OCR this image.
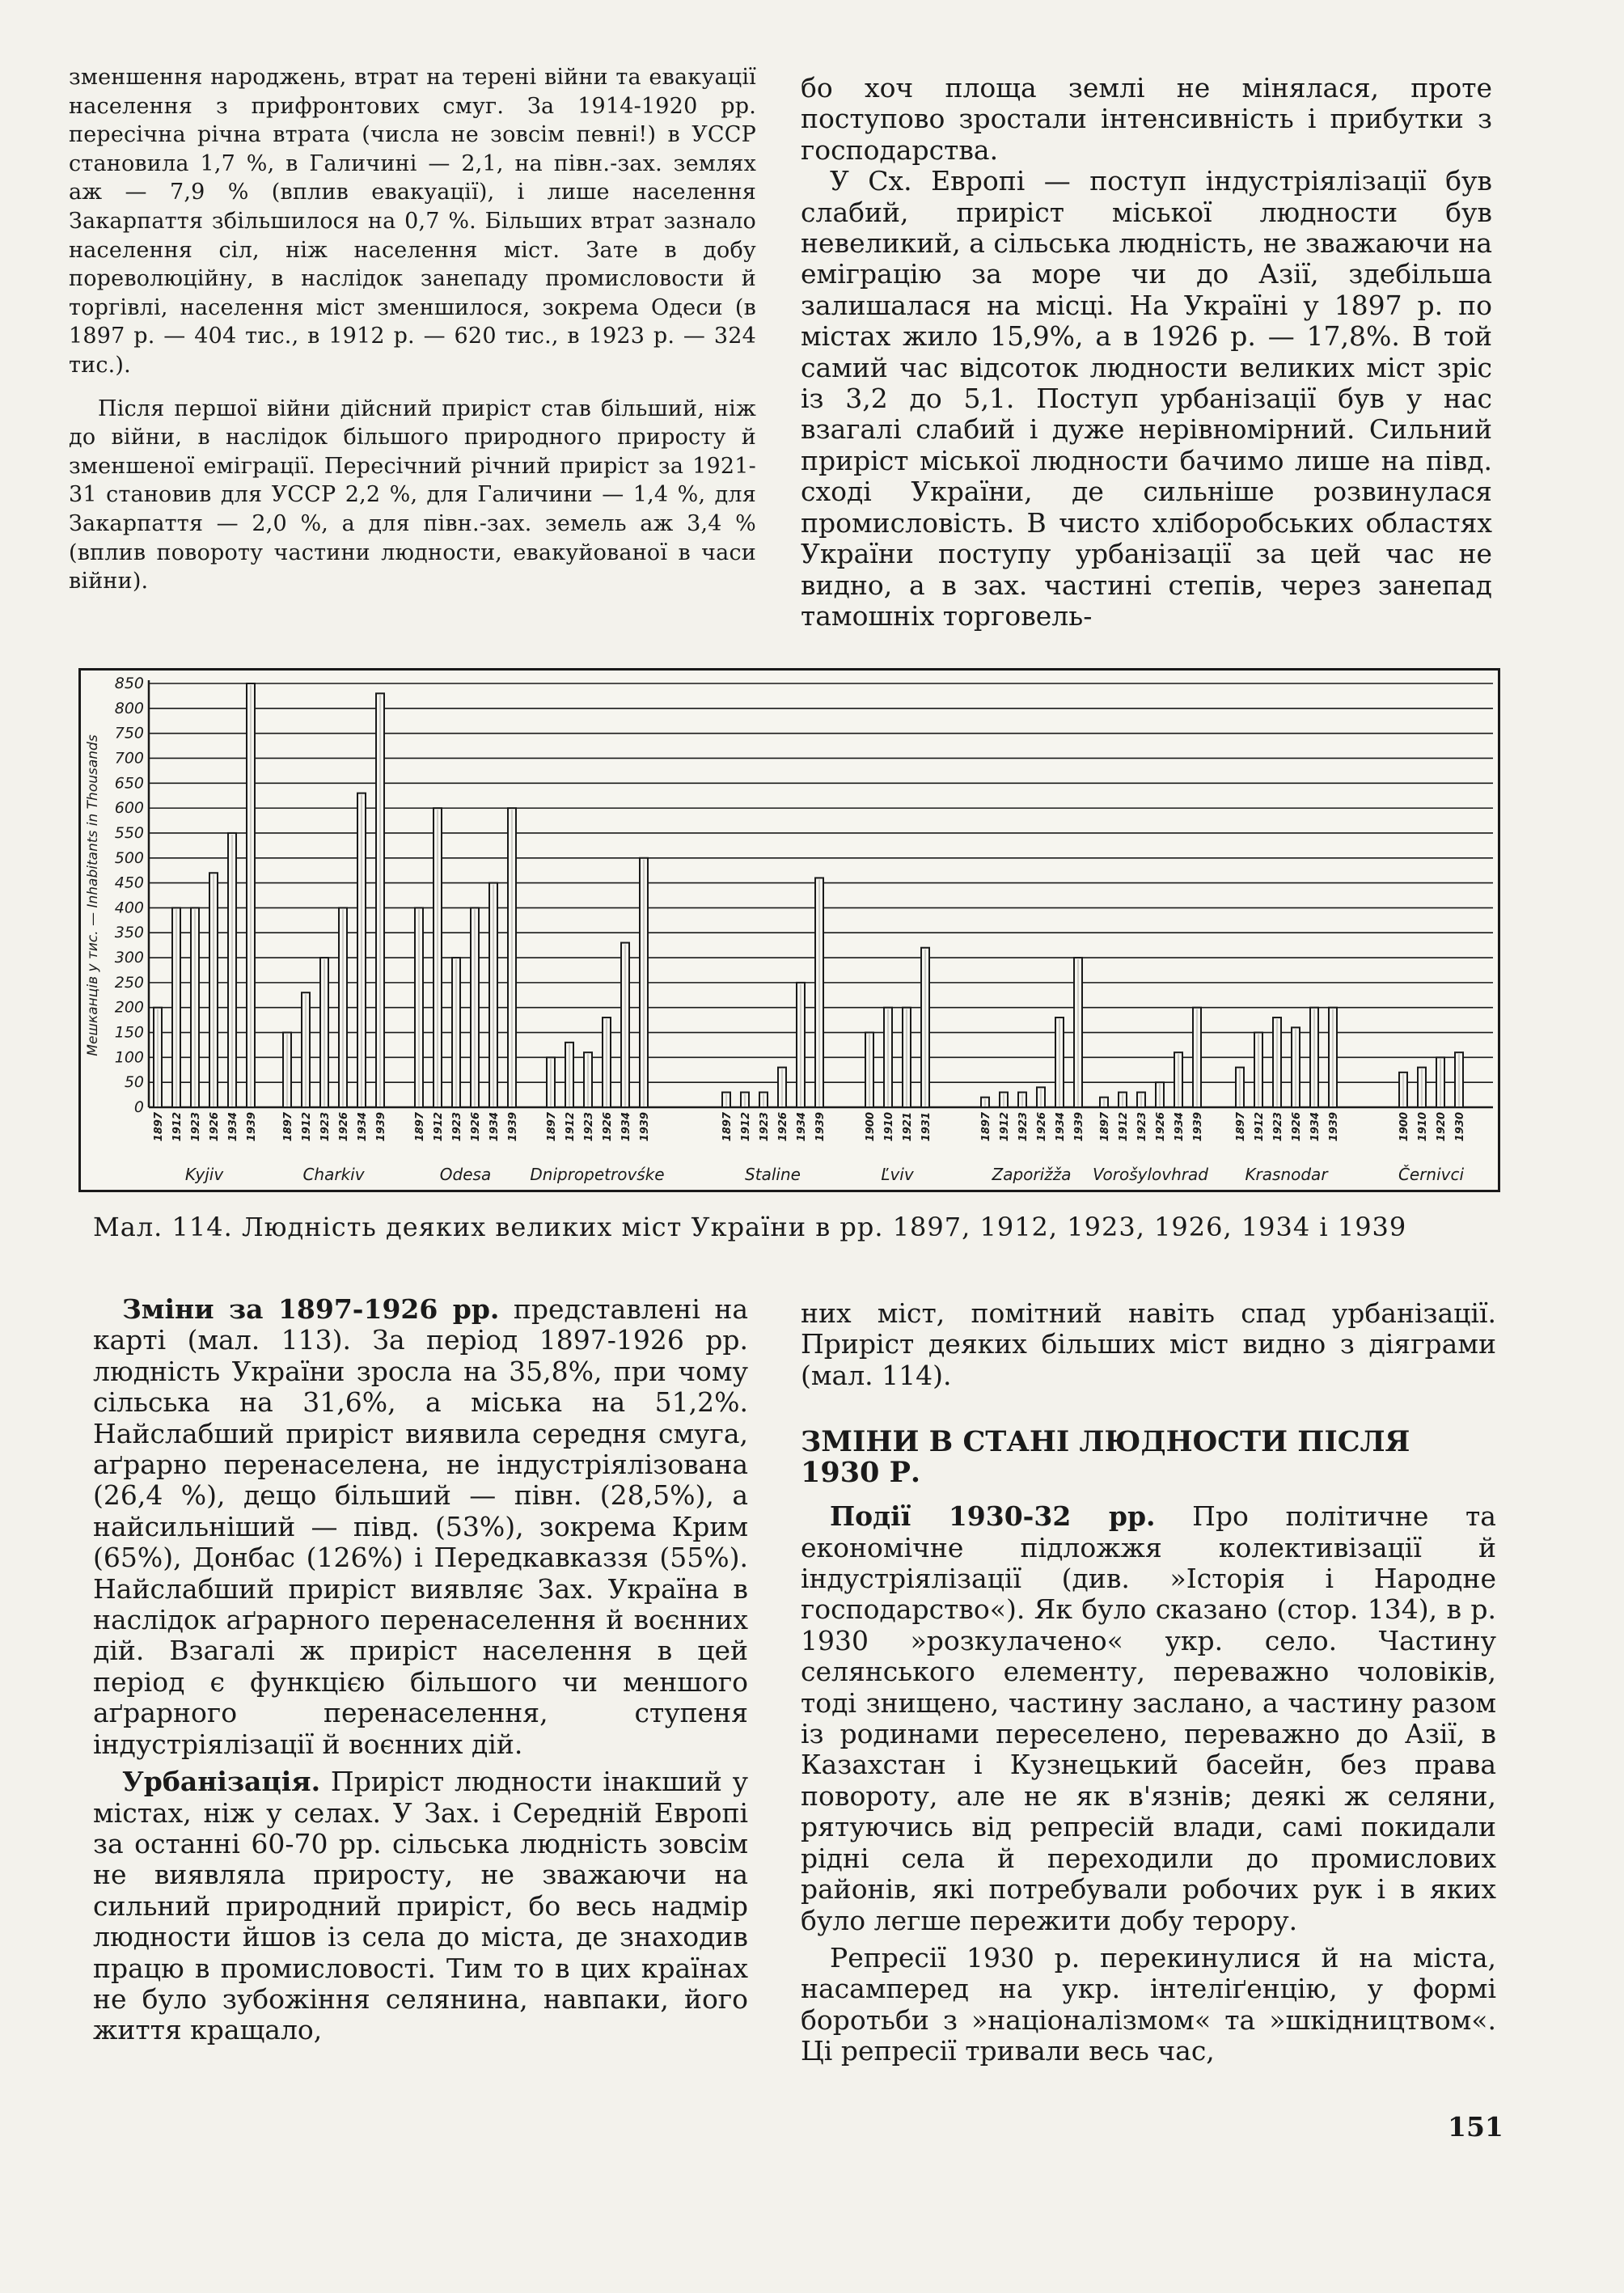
зменшення народжень, втрат на терені війни та евакуації населення з прифронтових смуг. За 1914-1920 рр. пересічна річна втрата (числа не зовсім певні!) в УССР становила 1,7 %, в Галичині — 2,1, на півн.-зах. землях аж — 7,9 % (вплив евакуації), і лише населення Закарпаття збільшилося на 0,7 %. Більших втрат зазнало населення сіл, ніж населення міст. Зате в добу пореволюційну, в наслідок занепаду промисловости й торгівлі, населення міст зменшилося, зокрема Одеси (в 1897 р. — 404 тис., в 1912 р. — 620 тис., в 1923 р. — 324 тис.).

Після першої війни дійсний приріст став більший, ніж до війни, в наслідок більшого природного приросту й зменшеної еміграції. Пересічний річний приріст за 1921-31 становив для УССР 2,2 %, для Галичини — 1,4 %, для Закарпаття — 2,0 %, а для півн.-зах. земель аж 3,4 % (вплив повороту частини людности, евакуйованої в часи війни).

бо хоч площа землі не мінялася, проте поступово зростали інтенсивність і прибутки з господарства.

У Сх. Европі — поступ індустріялізації був слабий, приріст міської людности був невеликий, а сільська людність, не зважаючи на еміграцію за море чи до Азії, здебільша залишалася на місці. На Україні у 1897 р. по містах жило 15,9%, а в 1926 р. — 17,8%. В той самий час відсоток людности великих міст зріс із 3,2 до 5,1. Поступ урбанізації був у нас взагалі слабий і дуже нерівномірний. Сильний приріст міської людности бачимо лише на півд. сході України, де сильніше розвинулася промисловість. В чисто хліборобських областях України поступу урбанізації за цей час не видно, а в зах. частині степів, через занепад тамошніх торговель-

Мешканців у тис. — Inhabitants in Thousands
0
50
100
150
200
250
300
350
400
450
500
550
600
650
700
750
800
850
1897 1912 1923 1926 1934 1939
Kyjiv
1897 1912 1923 1926 1934 1939
Charkiv
1897 1912 1923 1926 1934 1939
Odesa
1897 1912 1923 1926 1934 1939
Dnipropetrovśke
1897 1912 1923 1926 1934 1939
Staline
1900 1910 1921 1931
Ľviv
1897 1912 1923 1926 1934 1939
Zaporižža
1897 1912 1923 1926 1934 1939
Vorošylovhrad
1897 1912 1923 1926 1934 1939
Krasnodar
1900 1910 1920 1930
Černivci
Мал. 114. Людність деяких великих міст України в рр. 1897, 1912, 1923, 1926, 1934 і 1939

Зміни за 1897-1926 рр. представлені на карті (мал. 113). За період 1897-1926 рр. людність України зросла на 35,8%, при чому сільська на 31,6%, а міська на 51,2%. Найслабший приріст виявила середня смуга, аґрарно перенаселена, не індустріялізована (26,4 %), дещо більший — півн. (28,5%), а найсильніший — півд. (53%), зокрема Крим (65%), Донбас (126%) і Передкавказзя (55%). Найслабший приріст виявляє Зах. Україна в наслідок аґрарного перенаселення й воєнних дій. Взагалі ж приріст населення в цей період є функцією більшого чи меншого аґрарного перенаселення, ступеня індустріялізації й воєнних дій.

Урбанізація. Приріст людности інакший у містах, ніж у селах. У Зах. і Середній Европі за останні 60-70 рр. сільська людність зовсім не виявляла приросту, не зважаючи на сильний природний приріст, бо весь надмір людности йшов із села до міста, де знаходив працю в промисловості. Тим то в цих країнах не було зубожіння селянина, навпаки, його життя кращало,

них міст, помітний навіть спад урбанізації. Приріст деяких більших міст видно з діяграми (мал. 114).

ЗМІНИ В СТАНІ ЛЮДНОСТИ ПІСЛЯ 1930 Р.

Події 1930-32 рр. Про політичне та економічне підложжя колективізації й індустріялізації (див. »Історія і Народне господарство«). Як було сказано (стор. 134), в р. 1930 »розкулачено« укр. село. Частину селянського елементу, переважно чоловіків, тоді знищено, частину заслано, а частину разом із родинами переселено, переважно до Азії, в Казахстан і Кузнецький басейн, без права повороту, але не як в'язнів; деякі ж селяни, рятуючись від репресій влади, самі покидали рідні села й переходили до промислових районів, які потребували робочих рук і в яких було легше пережити добу терору.

Репресії 1930 р. перекинулися й на міста, насамперед на укр. інтеліґенцію, у формі боротьби з »націоналізмом« та »шкідництвом«. Ці репресії тривали весь час,

151
